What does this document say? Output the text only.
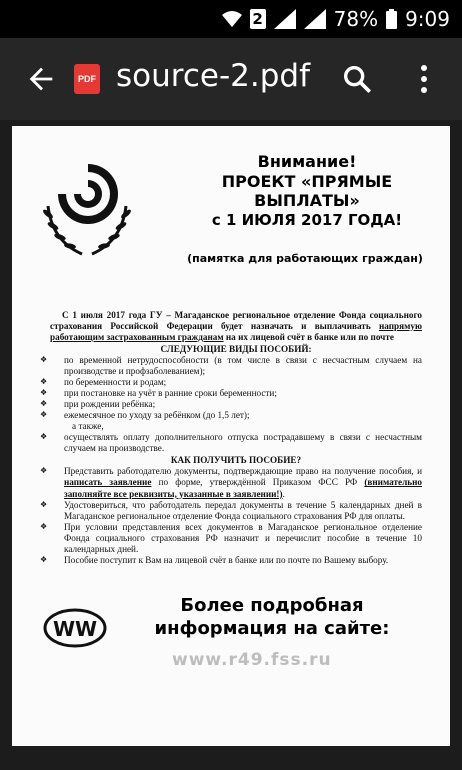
2	78% 9:09
PDF source-2.pdf
Внимание!
ПРОЕКТ «ПРЯМЫЕ
ВЫПЛАТЫ»
с 1 ИЮЛЯ 2017 ГОДА!
(памятка для работающих граждан)
С 1 июля 2017 года ГУ – Магаданское региональное отделение Фонда социального страхования Российской Федерации будет назначать и выплачивать напрямую работающим застрахованным гражданам на их лицевой счёт в банке или по почте
СЛЕДУЮЩИЕ ВИДЫ ПОСОБИЙ:
❖ по временной нетрудоспособности (в том числе в связи с несчастным случаем на производстве и профзаболеванием);
❖ по беременности и родам;
❖ при постановке на учёт в ранние сроки беременности;
❖ при рождении ребёнка;
❖ ежемесячное по уходу за ребёнком (до 1,5 лет);
а также,
❖ осуществлять оплату дополнительного отпуска пострадавшему в связи с несчастным случаем на производстве.
КАК ПОЛУЧИТЬ ПОСОБИЕ?
❖ Представить работодателю документы, подтверждающие право на получение пособия, и написать заявление по форме, утверждённой Приказом ФСС РФ (внимательно заполняйте все реквизиты, указанные в заявлении!).
❖ Удостовериться, что работодатель передал документы в течение 5 календарных дней в Магаданское региональное отделение Фонда социального страхования РФ для оплаты.
❖ При условии представления всех документов в Магаданское региональное отделение Фонда социального страхования РФ назначит и перечислит пособие в течение 10 календарных дней.
❖ Пособие поступит к Вам на лицевой счёт в банке или по почте по Вашему выбору.
WW
Более подробная
информация на сайте:
www.r49.fss.ru
